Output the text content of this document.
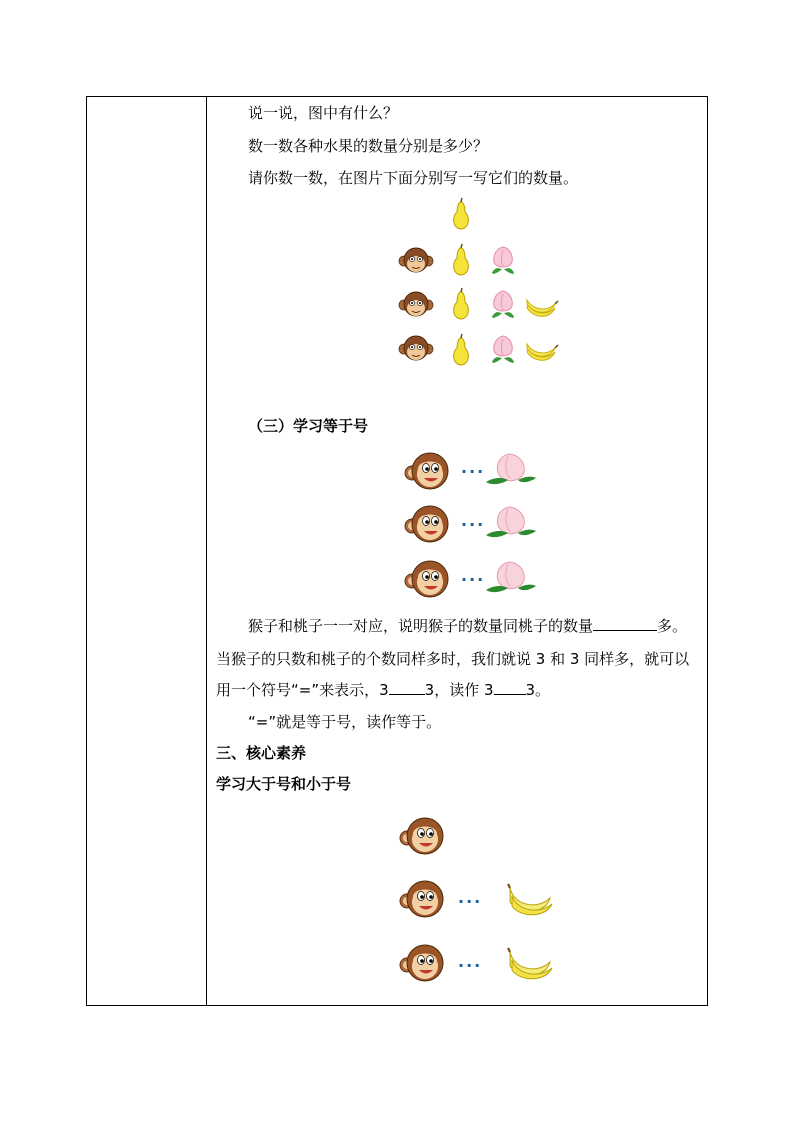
说一说，图中有什么？
数一数各种水果的数量分别是多少？
请你数一数，在图片下面分别写一写它们的数量。
···
···
···
···
···
（三）学习等于号
猴子和桃子一一对应，说明猴子的数量同桃子的数量	多。
当猴子的只数和桃子的个数同样多时，我们就说 3 和 3 同样多，就可以
用一个符号“=”来表示，3 3，读作 3 3。
“=”就是等于号，读作等于。
三、核心素养
学习大于号和小于号
